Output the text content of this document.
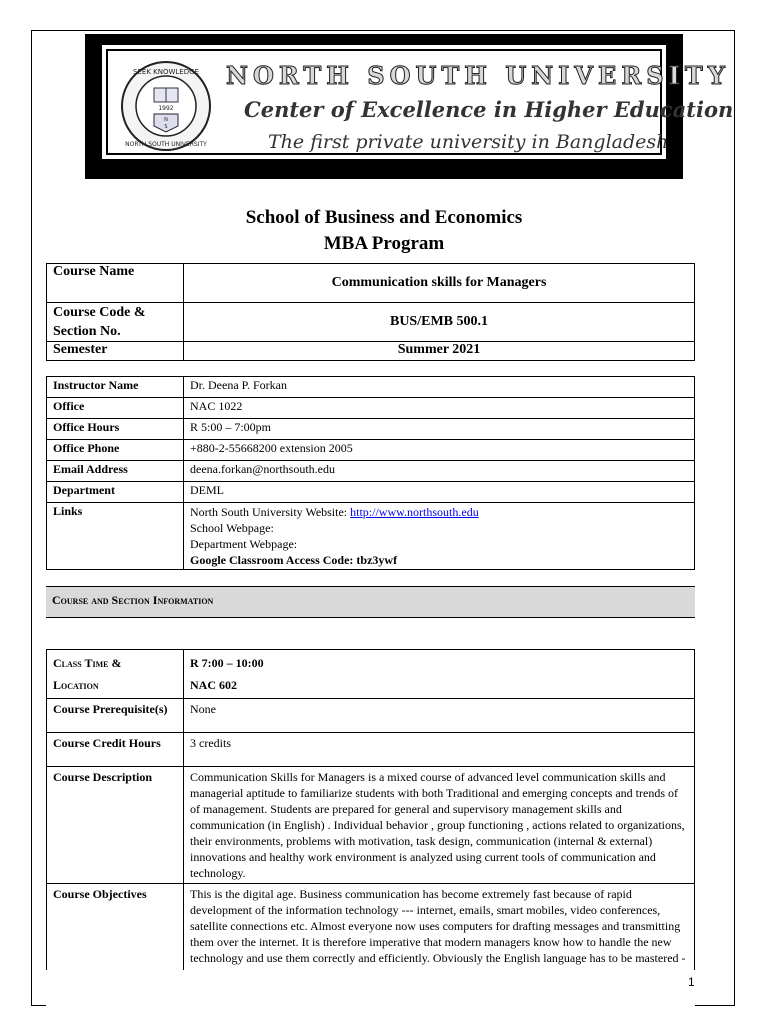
SEEK KNOWLEDGE
NORTH SOUTH UNIVERSITY
1992
N
S
NORTH SOUTH UNIVERSITY
Center of Excellence in Higher Education
The first private university in Bangladesh
School of Business and Economics
MBA Program
Course Name	Communication skills for Managers
Course Code & Section No.	BUS/EMB 500.1
Semester	Summer 2021
Instructor Name	Dr. Deena P. Forkan
Office	NAC 1022
Office Hours	R 5:00 – 7:00pm
Office Phone	+880-2-55668200 extension 2005
Email Address	deena.forkan@northsouth.edu
Department	DEML
Links	North South University Website: http://www.northsouth.edu
School Webpage:
Department Webpage:
Google Classroom Access Code: tbz3ywf
Course and Section Information
Class Time &
Location	R 7:00 – 10:00
NAC 602
Course Prerequisite(s)	None
Course Credit Hours	3 credits
Course Description	Communication Skills for Managers is a mixed course of advanced level communication skills and managerial aptitude to familiarize students with both Traditional and emerging concepts and trends of of management. Students are prepared for general and supervisory management skills and communication (in English) . Individual behavior , group functioning , actions related to organizations, their environments, problems with motivation, task design, communication (internal & external) innovations and healthy work environment is analyzed using current tools of communication and technology.
Course Objectives	This is the digital age. Business communication has become extremely fast because of rapid development of the information technology --- internet, emails, smart mobiles, video conferences, satellite connections etc. Almost everyone now uses computers for drafting messages and transmitting them over the internet. It is therefore imperative that modern managers know how to handle the new technology and use them correctly and efficiently. Obviously the English language has to be mastered -
1
